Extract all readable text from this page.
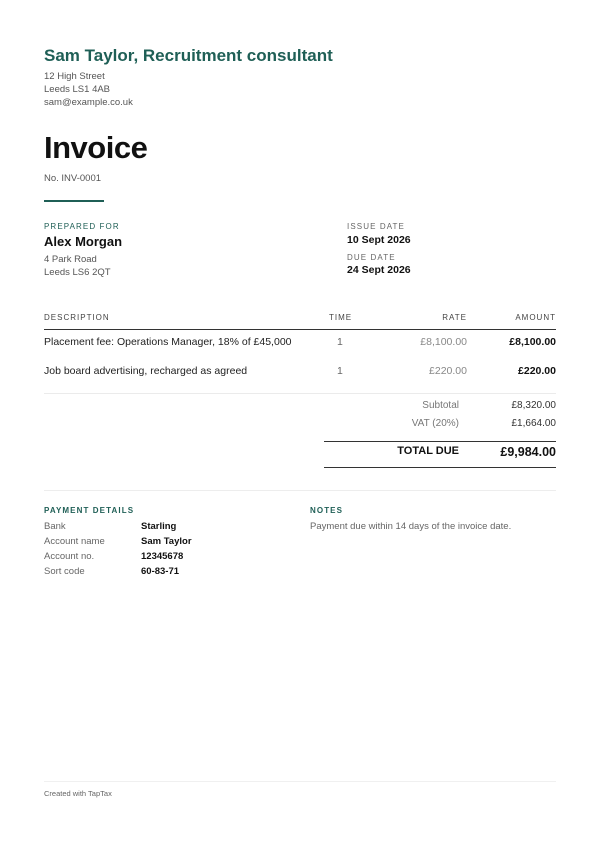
Sam Taylor, Recruitment consultant
12 High Street
Leeds LS1 4AB
sam@example.co.uk
Invoice
No. INV-0001
PREPARED FOR
Alex Morgan
4 Park Road
Leeds LS6 2QT
ISSUE DATE
10 Sept 2026
DUE DATE
24 Sept 2026
DESCRIPTION	TIME	RATE	AMOUNT
Placement fee: Operations Manager, 18% of £45,000	1	£8,100.00	£8,100.00
Job board advertising, recharged as agreed	1	£220.00	£220.00
Subtotal	£8,320.00
VAT (20%)	£1,664.00
TOTAL DUE	£9,984.00
PAYMENT DETAILS
Bank	Starling
Account name	Sam Taylor
Account no.	12345678
Sort code	60-83-71
NOTES
Payment due within 14 days of the invoice date.
Created with TapTax
